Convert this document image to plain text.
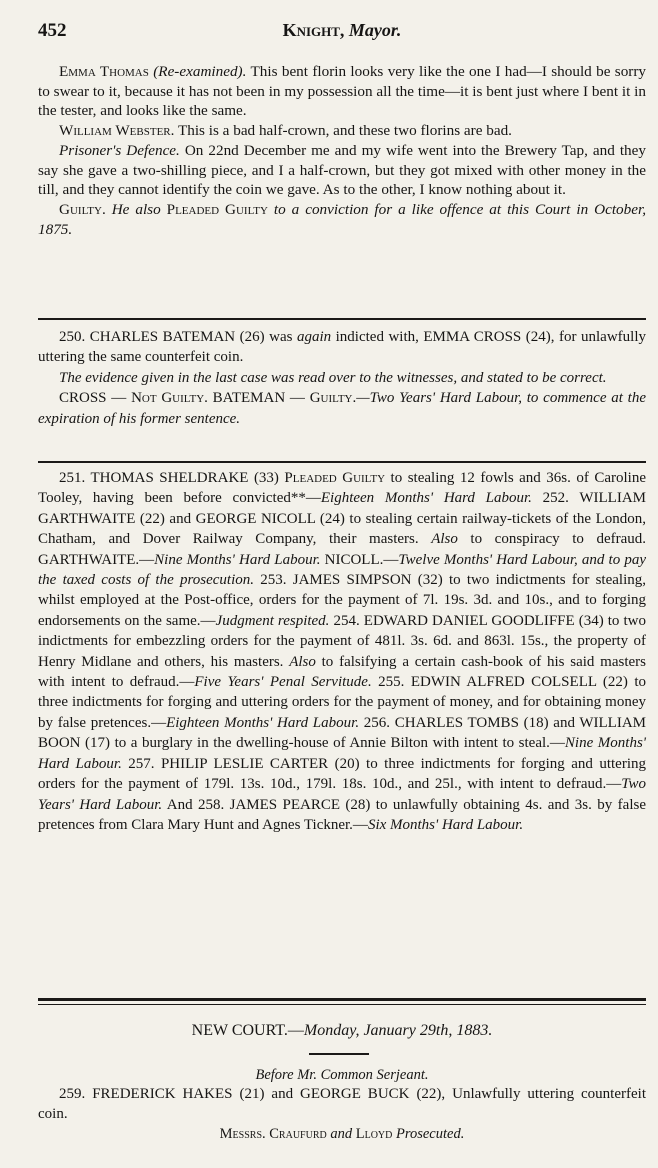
452	Knight, Mayor.

Emma Thomas (Re-examined). This bent florin looks very like the one I had—I should be sorry to swear to it, because it has not been in my possession all the time—it is bent just where I bent it in the tester, and looks like the same.

William Webster. This is a bad half-crown, and these two florins are bad.

Prisoner's Defence. On 22nd December me and my wife went into the Brewery Tap, and they say she gave a two-shilling piece, and I a half-crown, but they got mixed with other money in the till, and they cannot identify the coin we gave. As to the other, I know nothing about it.

Guilty. He also Pleaded Guilty to a conviction for a like offence at this Court in October, 1875.

250. CHARLES BATEMAN (26) was again indicted with, EMMA CROSS (24), for unlawfully uttering the same counterfeit coin.

The evidence given in the last case was read over to the witnesses, and stated to be correct.

CROSS — Not Guilty. BATEMAN — Guilty.—Two Years' Hard Labour, to commence at the expiration of his former sentence.

251. THOMAS SHELDRAKE (33) Pleaded Guilty to stealing 12 fowls and 36s. of Caroline Tooley, having been before convicted**—Eighteen Months' Hard Labour. 252. WILLIAM GARTHWAITE (22) and GEORGE NICOLL (24) to stealing certain railway-tickets of the London, Chatham, and Dover Railway Company, their masters. Also to conspiracy to defraud. GARTHWAITE.—Nine Months' Hard Labour. NICOLL.—Twelve Months' Hard Labour, and to pay the taxed costs of the prosecution. 253. JAMES SIMPSON (32) to two indictments for stealing, whilst employed at the Post-office, orders for the payment of 7l. 19s. 3d. and 10s., and to forging endorsements on the same.—Judgment respited. 254. EDWARD DANIEL GOODLIFFE (34) to two indictments for embezzling orders for the payment of 481l. 3s. 6d. and 863l. 15s., the property of Henry Midlane and others, his masters. Also to falsifying a certain cash-book of his said masters with intent to defraud.—Five Years' Penal Servitude. 255. EDWIN ALFRED COLSELL (22) to three indictments for forging and uttering orders for the payment of money, and for obtaining money by false pretences.—Eighteen Months' Hard Labour. 256. CHARLES TOMBS (18) and WILLIAM BOON (17) to a burglary in the dwelling-house of Annie Bilton with intent to steal.—Nine Months' Hard Labour. 257. PHILIP LESLIE CARTER (20) to three indictments for forging and uttering orders for the payment of 179l. 13s. 10d., 179l. 18s. 10d., and 25l., with intent to defraud.—Two Years' Hard Labour. And 258. JAMES PEARCE (28) to unlawfully obtaining 4s. and 3s. by false pretences from Clara Mary Hunt and Agnes Tickner.—Six Months' Hard Labour.

NEW COURT.—Monday, January 29th, 1883.

Before Mr. Common Serjeant.

259. FREDERICK HAKES (21) and GEORGE BUCK (22), Unlawfully uttering counterfeit coin.

Messrs. Craufurd and Lloyd Prosecuted.
